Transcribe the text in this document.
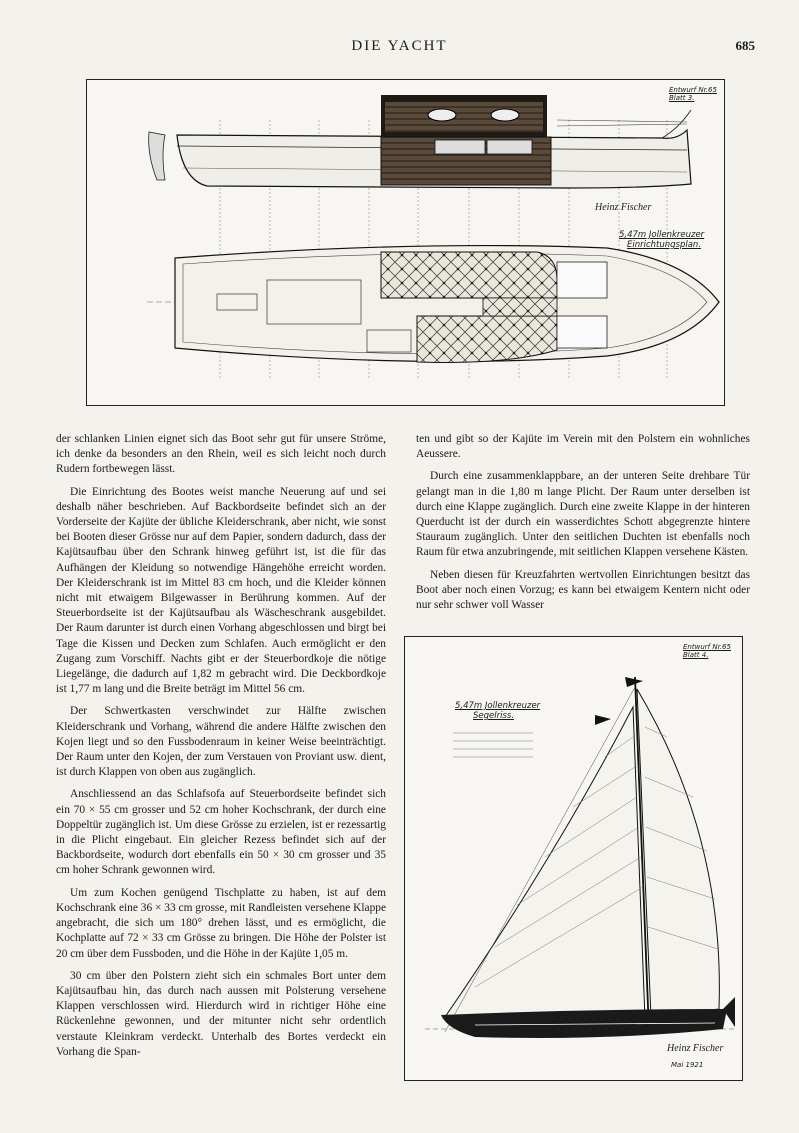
DIE YACHT	685
Entwurf Nr.65
Blatt 3.
Heinz Fischer
5,47m Jollenkreuzer
Einrichtungsplan.

der schlanken Linien eignet sich das Boot sehr gut für unsere Ströme, ich denke da besonders an den Rhein, weil es sich leicht noch durch Rudern fortbewegen lässt.

Die Einrichtung des Bootes weist manche Neuerung auf und sei deshalb näher beschrieben. Auf Backbordseite befindet sich an der Vorderseite der Kajüte der übliche Kleiderschrank, aber nicht, wie sonst bei Booten dieser Grösse nur auf dem Papier, sondern dadurch, dass der Kajütsaufbau über den Schrank hinweg geführt ist, ist die für das Aufhängen der Kleidung so notwendige Hängehöhe erreicht worden. Der Kleiderschrank ist im Mittel 83 cm hoch, und die Kleider können nicht mit etwaigem Bilgewasser in Berührung kommen. Auf der Steuerbordseite ist der Kajütsaufbau als Wäscheschrank ausgebildet. Der Raum darunter ist durch einen Vorhang abgeschlossen und birgt bei Tage die Kissen und Decken zum Schlafen. Auch ermöglicht er den Zugang zum Vorschiff. Nachts gibt er der Steuerbordkoje die nötige Liegelänge, die dadurch auf 1,82 m gebracht wird. Die Deckbordkoje ist 1,77 m lang und die Breite beträgt im Mittel 56 cm.

Der Schwertkasten verschwindet zur Hälfte zwischen Kleiderschrank und Vorhang, während die andere Hälfte zwischen den Kojen liegt und so den Fussbodenraum in keiner Weise beeinträchtigt. Der Raum unter den Kojen, der zum Verstauen von Proviant usw. dient, ist durch Klappen von oben aus zugänglich.

Anschliessend an das Schlafsofa auf Steuerbordseite befindet sich ein 70 × 55 cm grosser und 52 cm hoher Kochschrank, der durch eine Doppeltür zugänglich ist. Um diese Grösse zu erzielen, ist er rezessartig in die Plicht eingebaut. Ein gleicher Rezess befindet sich auf der Backbordseite, wodurch dort ebenfalls ein 50 × 30 cm grosser und 35 cm hoher Schrank gewonnen wird.

Um zum Kochen genügend Tischplatte zu haben, ist auf dem Kochschrank eine 36 × 33 cm grosse, mit Randleisten versehene Klappe angebracht, die sich um 180° drehen lässt, und es ermöglicht, die Kochplatte auf 72 × 33 cm Grösse zu bringen. Die Höhe der Polster ist 20 cm über dem Fussboden, und die Höhe in der Kajüte 1,05 m.

30 cm über den Polstern zieht sich ein schmales Bort unter dem Kajütsaufbau hin, das durch nach aussen mit Polsterung versehene Klappen verschlossen wird. Hierdurch wird in richtiger Höhe eine Rückenlehne gewonnen, und der mitunter nicht sehr ordentlich verstaute Kleinkram verdeckt. Unterhalb des Bortes verdeckt ein Vorhang die Span-

ten und gibt so der Kajüte im Verein mit den Polstern ein wohnliches Aeussere.

Durch eine zusammenklappbare, an der unteren Seite drehbare Tür gelangt man in die 1,80 m lange Plicht. Der Raum unter derselben ist durch eine Klappe zugänglich. Durch eine zweite Klappe in der hinteren Querducht ist der durch ein wasserdichtes Schott abgegrenzte hintere Stauraum zugänglich. Unter den seitlichen Duchten ist ebenfalls noch Raum für etwa anzubringende, mit seitlichen Klappen versehene Kästen.

Neben diesen für Kreuzfahrten wertvollen Einrichtungen besitzt das Boot aber noch einen Vorzug; es kann bei etwaigem Kentern nicht oder nur sehr schwer voll Wasser

Entwurf Nr.65
Blatt 4.
5,47m Jollenkreuzer
Segelriss.
Heinz Fischer
Mai 1921
